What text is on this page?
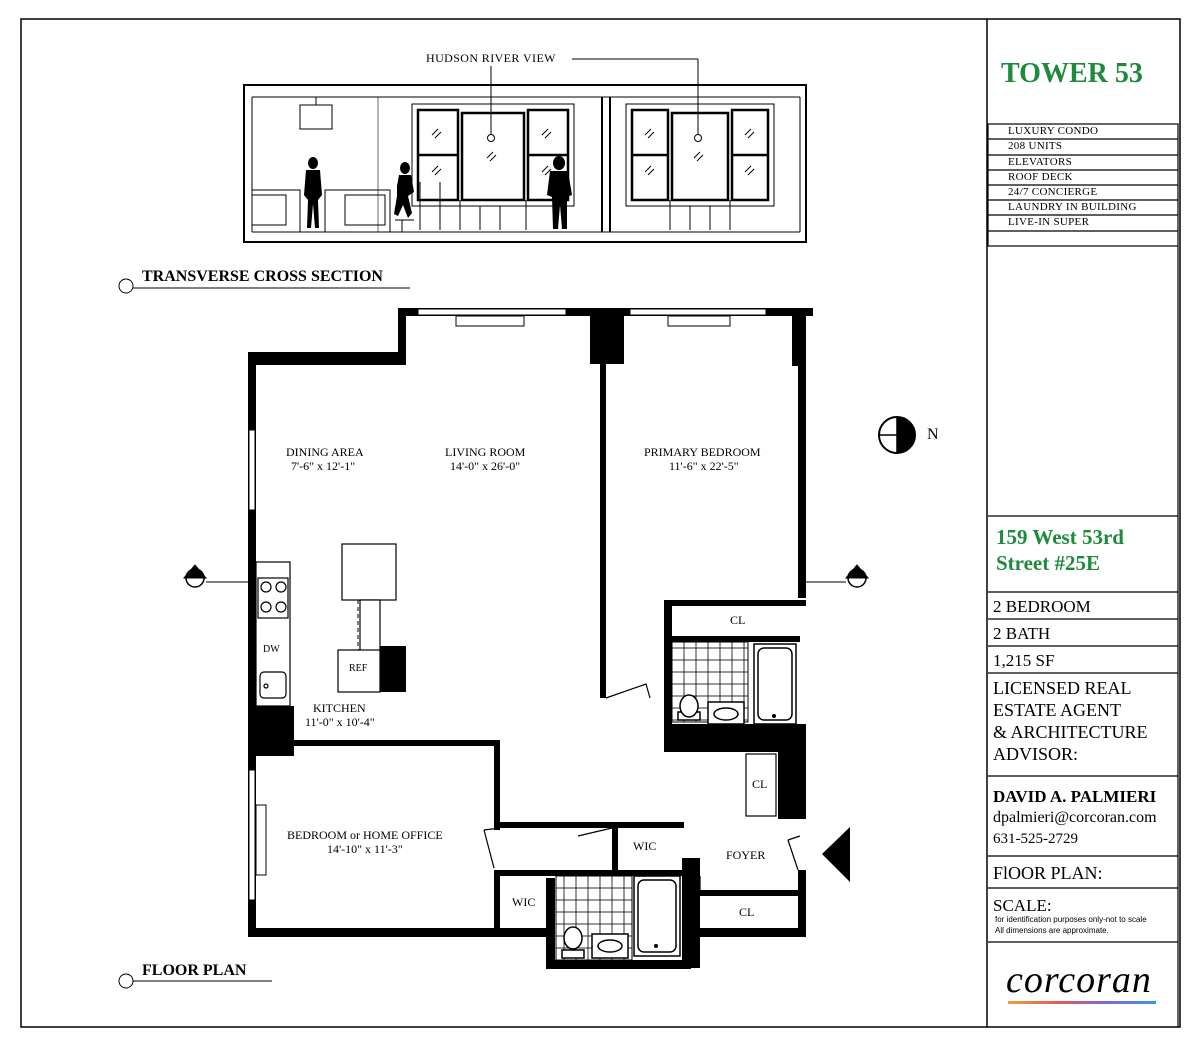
HUDSON RIVER VIEW
TRANSVERSE CROSS SECTION
FLOOR PLAN
N
DINING AREA
7'-6" x 12'-1"
LIVING ROOM
14'-0" x 26'-0"
PRIMARY BEDROOM
11'-6" x 22'-5"
KITCHEN
11'-0" x 10'-4"
BEDROOM or HOME OFFICE
14'-10" x 11'-3"
CL
CL
CL
WIC
WIC
FOYER
DW
REF
TOWER 53
LUXURY CONDO
208 UNITS
ELEVATORS
ROOF DECK
24/7 CONCIERGE
LAUNDRY IN BUILDING
LIVE-IN SUPER
159 West 53rd
Street #25E
2 BEDROOM
2 BATH
1,215 SF
LICENSED REAL
ESTATE AGENT
& ARCHITECTURE
ADVISOR:
DAVID A. PALMIERI
dpalmieri@corcoran.com
631-525-2729
FlOOR PLAN:
SCALE:
for identification purposes only-not to scale
All dimensions are approximate.
corcoran
